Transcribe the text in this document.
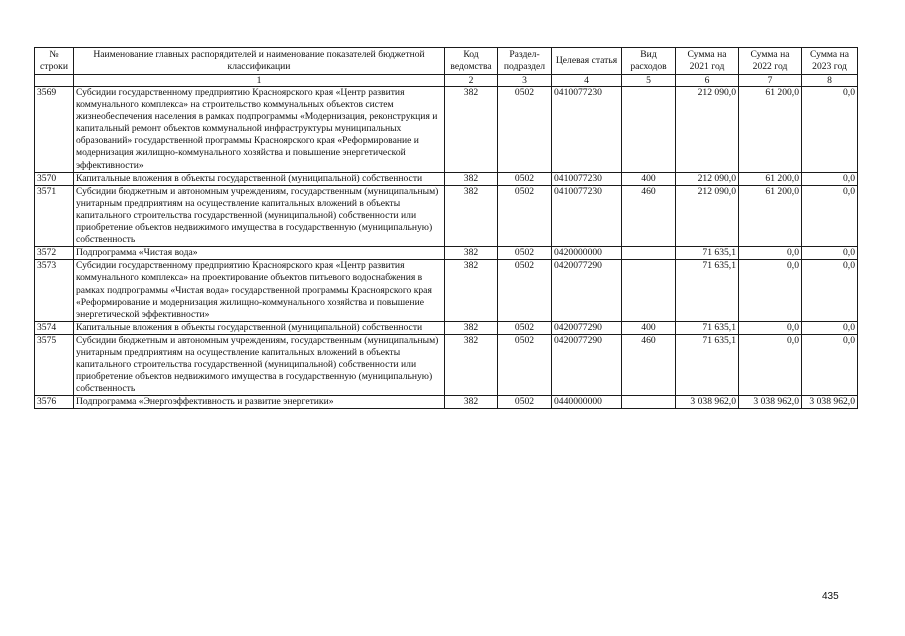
№ строки	Наименование главных распорядителей и наименование показателей бюджетной классификации	Код ведомства	Раздел-подраздел	Целевая статья	Вид расходов	Сумма на 2021 год	Сумма на 2022 год	Сумма на 2023 год
	1	2	3	4	5	6	7	8
3569	Субсидии государственному предприятию Красноярского края «Центр развития коммунального комплекса» на строительство коммунальных объектов систем жизнеобеспечения населения в рамках подпрограммы «Модернизация, реконструкция и капитальный ремонт объектов коммунальной инфраструктуры муниципальных образований» государственной программы Красноярского края «Реформирование и модернизация жилищно-коммунального хозяйства и повышение энергетической эффективности»	382	0502	0410077230		212 090,0	61 200,0	0,0
3570	Капитальные вложения в объекты государственной (муниципальной) собственности	382	0502	0410077230	400	212 090,0	61 200,0	0,0
3571	Субсидии бюджетным и автономным учреждениям, государственным (муниципальным) унитарным предприятиям на осуществление капитальных вложений в объекты капитального строительства государственной (муниципальной) собственности или приобретение объектов недвижимого имущества в государственную (муниципальную) собственность	382	0502	0410077230	460	212 090,0	61 200,0	0,0
3572	Подпрограмма «Чистая вода»	382	0502	0420000000		71 635,1	0,0	0,0
3573	Субсидии государственному предприятию Красноярского края «Центр развития коммунального комплекса» на проектирование объектов питьевого водоснабжения в рамках подпрограммы «Чистая вода» государственной программы Красноярского края «Реформирование и модернизация жилищно-коммунального хозяйства и повышение энергетической эффективности»	382	0502	0420077290		71 635,1	0,0	0,0
3574	Капитальные вложения в объекты государственной (муниципальной) собственности	382	0502	0420077290	400	71 635,1	0,0	0,0
3575	Субсидии бюджетным и автономным учреждениям, государственным (муниципальным) унитарным предприятиям на осуществление капитальных вложений в объекты капитального строительства государственной (муниципальной) собственности или приобретение объектов недвижимого имущества в государственную (муниципальную) собственность	382	0502	0420077290	460	71 635,1	0,0	0,0
3576	Подпрограмма «Энергоэффективность и развитие энергетики»	382	0502	0440000000		3 038 962,0	3 038 962,0	3 038 962,0
435
